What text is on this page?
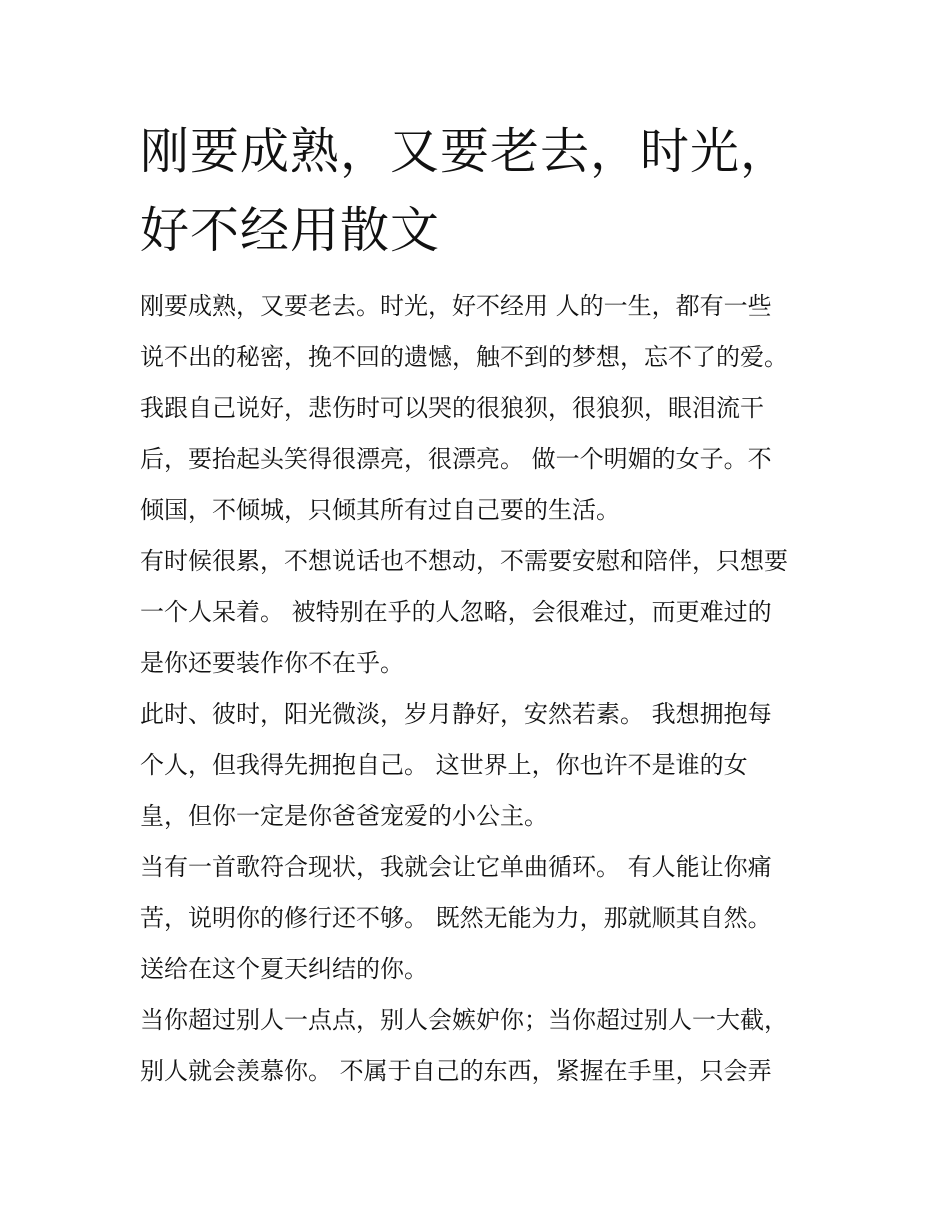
刚要成熟，又要老去，时光，
好不经用散文
刚要成熟，又要老去。时光，好不经用 人的一生，都有一些
说不出的秘密，挽不回的遗憾，触不到的梦想，忘不了的爱。
我跟自己说好，悲伤时可以哭的很狼狈，很狼狈，眼泪流干
后，要抬起头笑得很漂亮，很漂亮。 做一个明媚的女子。不
倾国，不倾城，只倾其所有过自己要的生活。
有时候很累，不想说话也不想动，不需要安慰和陪伴，只想要
一个人呆着。 被特别在乎的人忽略，会很难过，而更难过的
是你还要装作你不在乎。
此时、彼时，阳光微淡，岁月静好，安然若素。 我想拥抱每
个人，但我得先拥抱自己。 这世界上，你也许不是谁的女
皇，但你一定是你爸爸宠爱的小公主。
当有一首歌符合现状，我就会让它单曲循环。 有人能让你痛
苦，说明你的修行还不够。 既然无能为力，那就顺其自然。
送给在这个夏天纠结的你。
当你超过别人一点点，别人会嫉妒你；当你超过别人一大截，
别人就会羡慕你。 不属于自己的东西，紧握在手里，只会弄
